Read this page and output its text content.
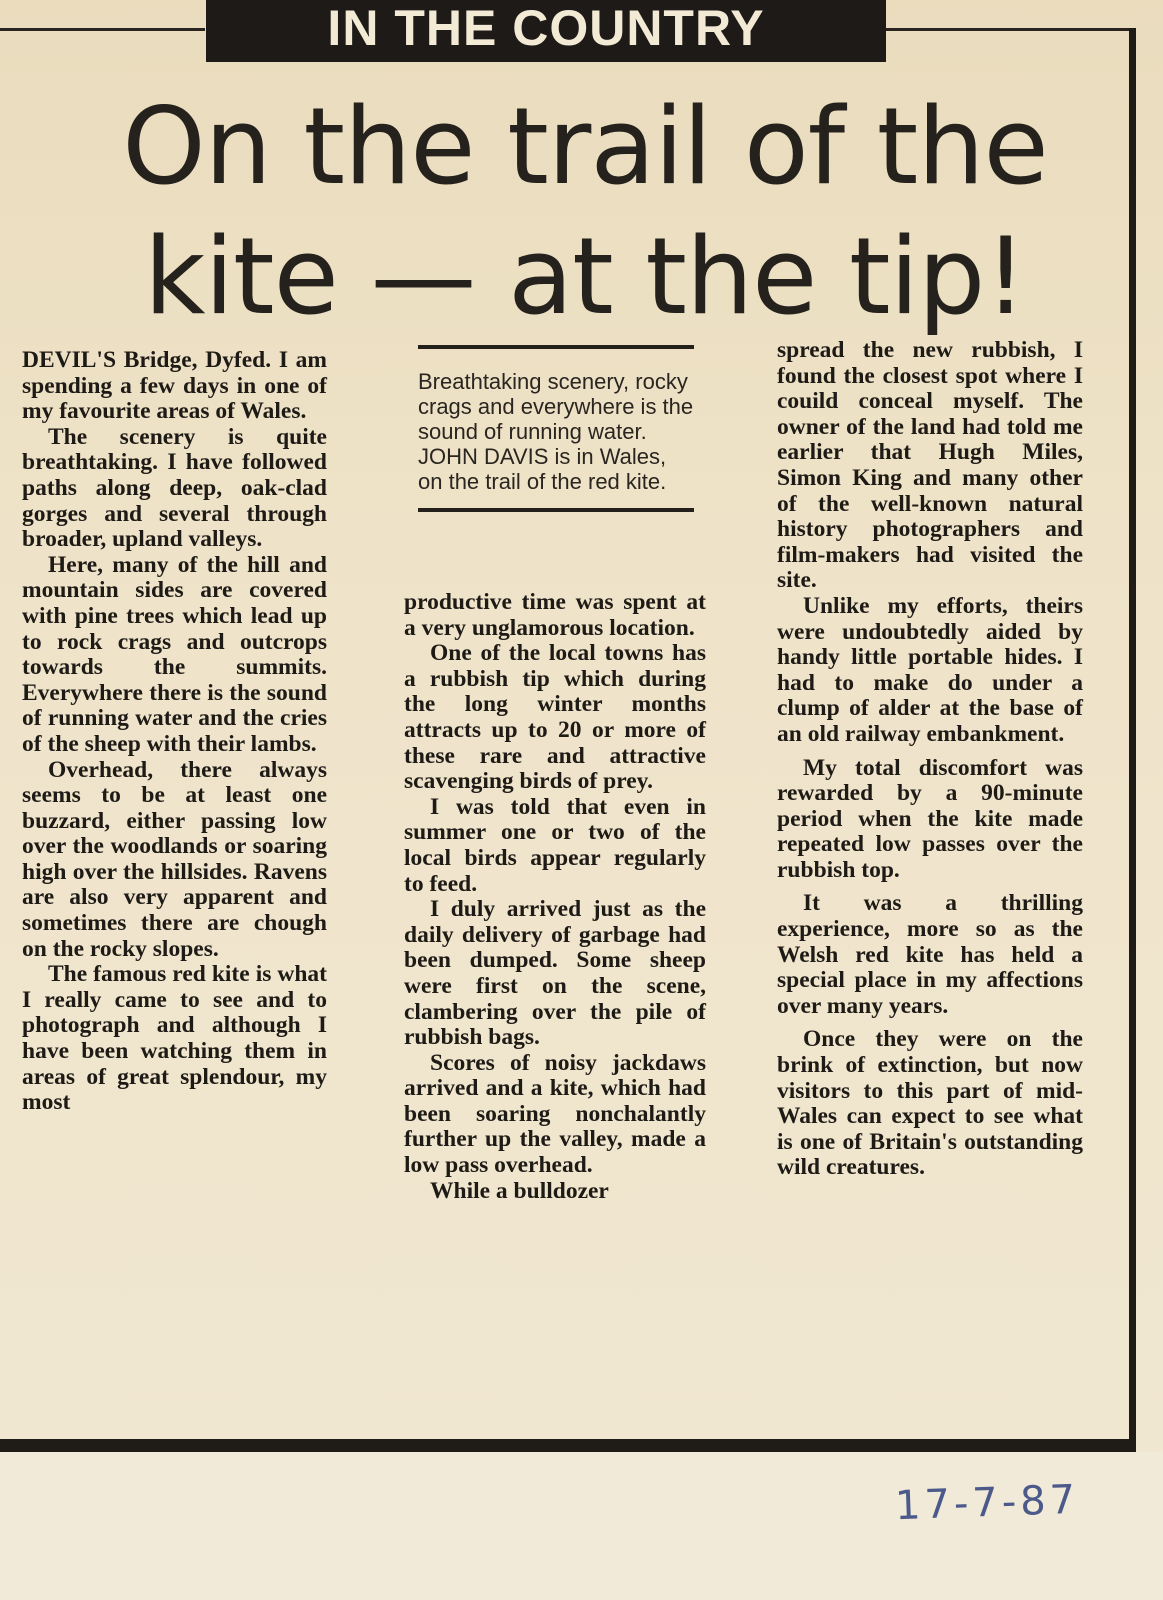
IN THE COUNTRY
On the trail of the
kite — at the tip!

DEVIL'S Bridge, Dyfed. I am spending a few days in one of my favourite areas of Wales.

The scenery is quite breathtaking. I have followed paths along deep, oak-clad gorges and several through broader, upland valleys.

Here, many of the hill and mountain sides are covered with pine trees which lead up to rock crags and outcrops towards the summits. Everywhere there is the sound of running water and the cries of the sheep with their lambs.

Overhead, there always seems to be at least one buzzard, either passing low over the woodlands or soaring high over the hillsides. Ravens are also very apparent and sometimes there are chough on the rocky slopes.

The famous red kite is what I really came to see and to photograph and although I have been watching them in areas of great splendour, my most

Breathtaking scenery, rocky crags and everywhere is the sound of running water. JOHN DAVIS is in Wales, on the trail of the red kite.

productive time was spent at a very unglamorous location.

One of the local towns has a rubbish tip which during the long winter months attracts up to 20 or more of these rare and attractive scavenging birds of prey.

I was told that even in summer one or two of the local birds appear regularly to feed.

I duly arrived just as the daily delivery of garbage had been dumped. Some sheep were first on the scene, clambering over the pile of rubbish bags.

Scores of noisy jackdaws arrived and a kite, which had been soaring nonchalantly further up the valley, made a low pass overhead.

While a bulldozer

spread the new rubbish, I found the closest spot where I couild conceal myself. The owner of the land had told me earlier that Hugh Miles, Simon King and many other of the well-known natural history photographers and film-makers had visited the site.

Unlike my efforts, theirs were undoubtedly aided by handy little portable hides. I had to make do under a clump of alder at the base of an old railway embankment.

My total discomfort was rewarded by a 90-minute period when the kite made repeated low passes over the rubbish top.

It was a thrilling experience, more so as the Welsh red kite has held a special place in my affections over many years.

Once they were on the brink of extinction, but now visitors to this part of mid-Wales can expect to see what is one of Britain's outstanding wild creatures.

17-7-87
